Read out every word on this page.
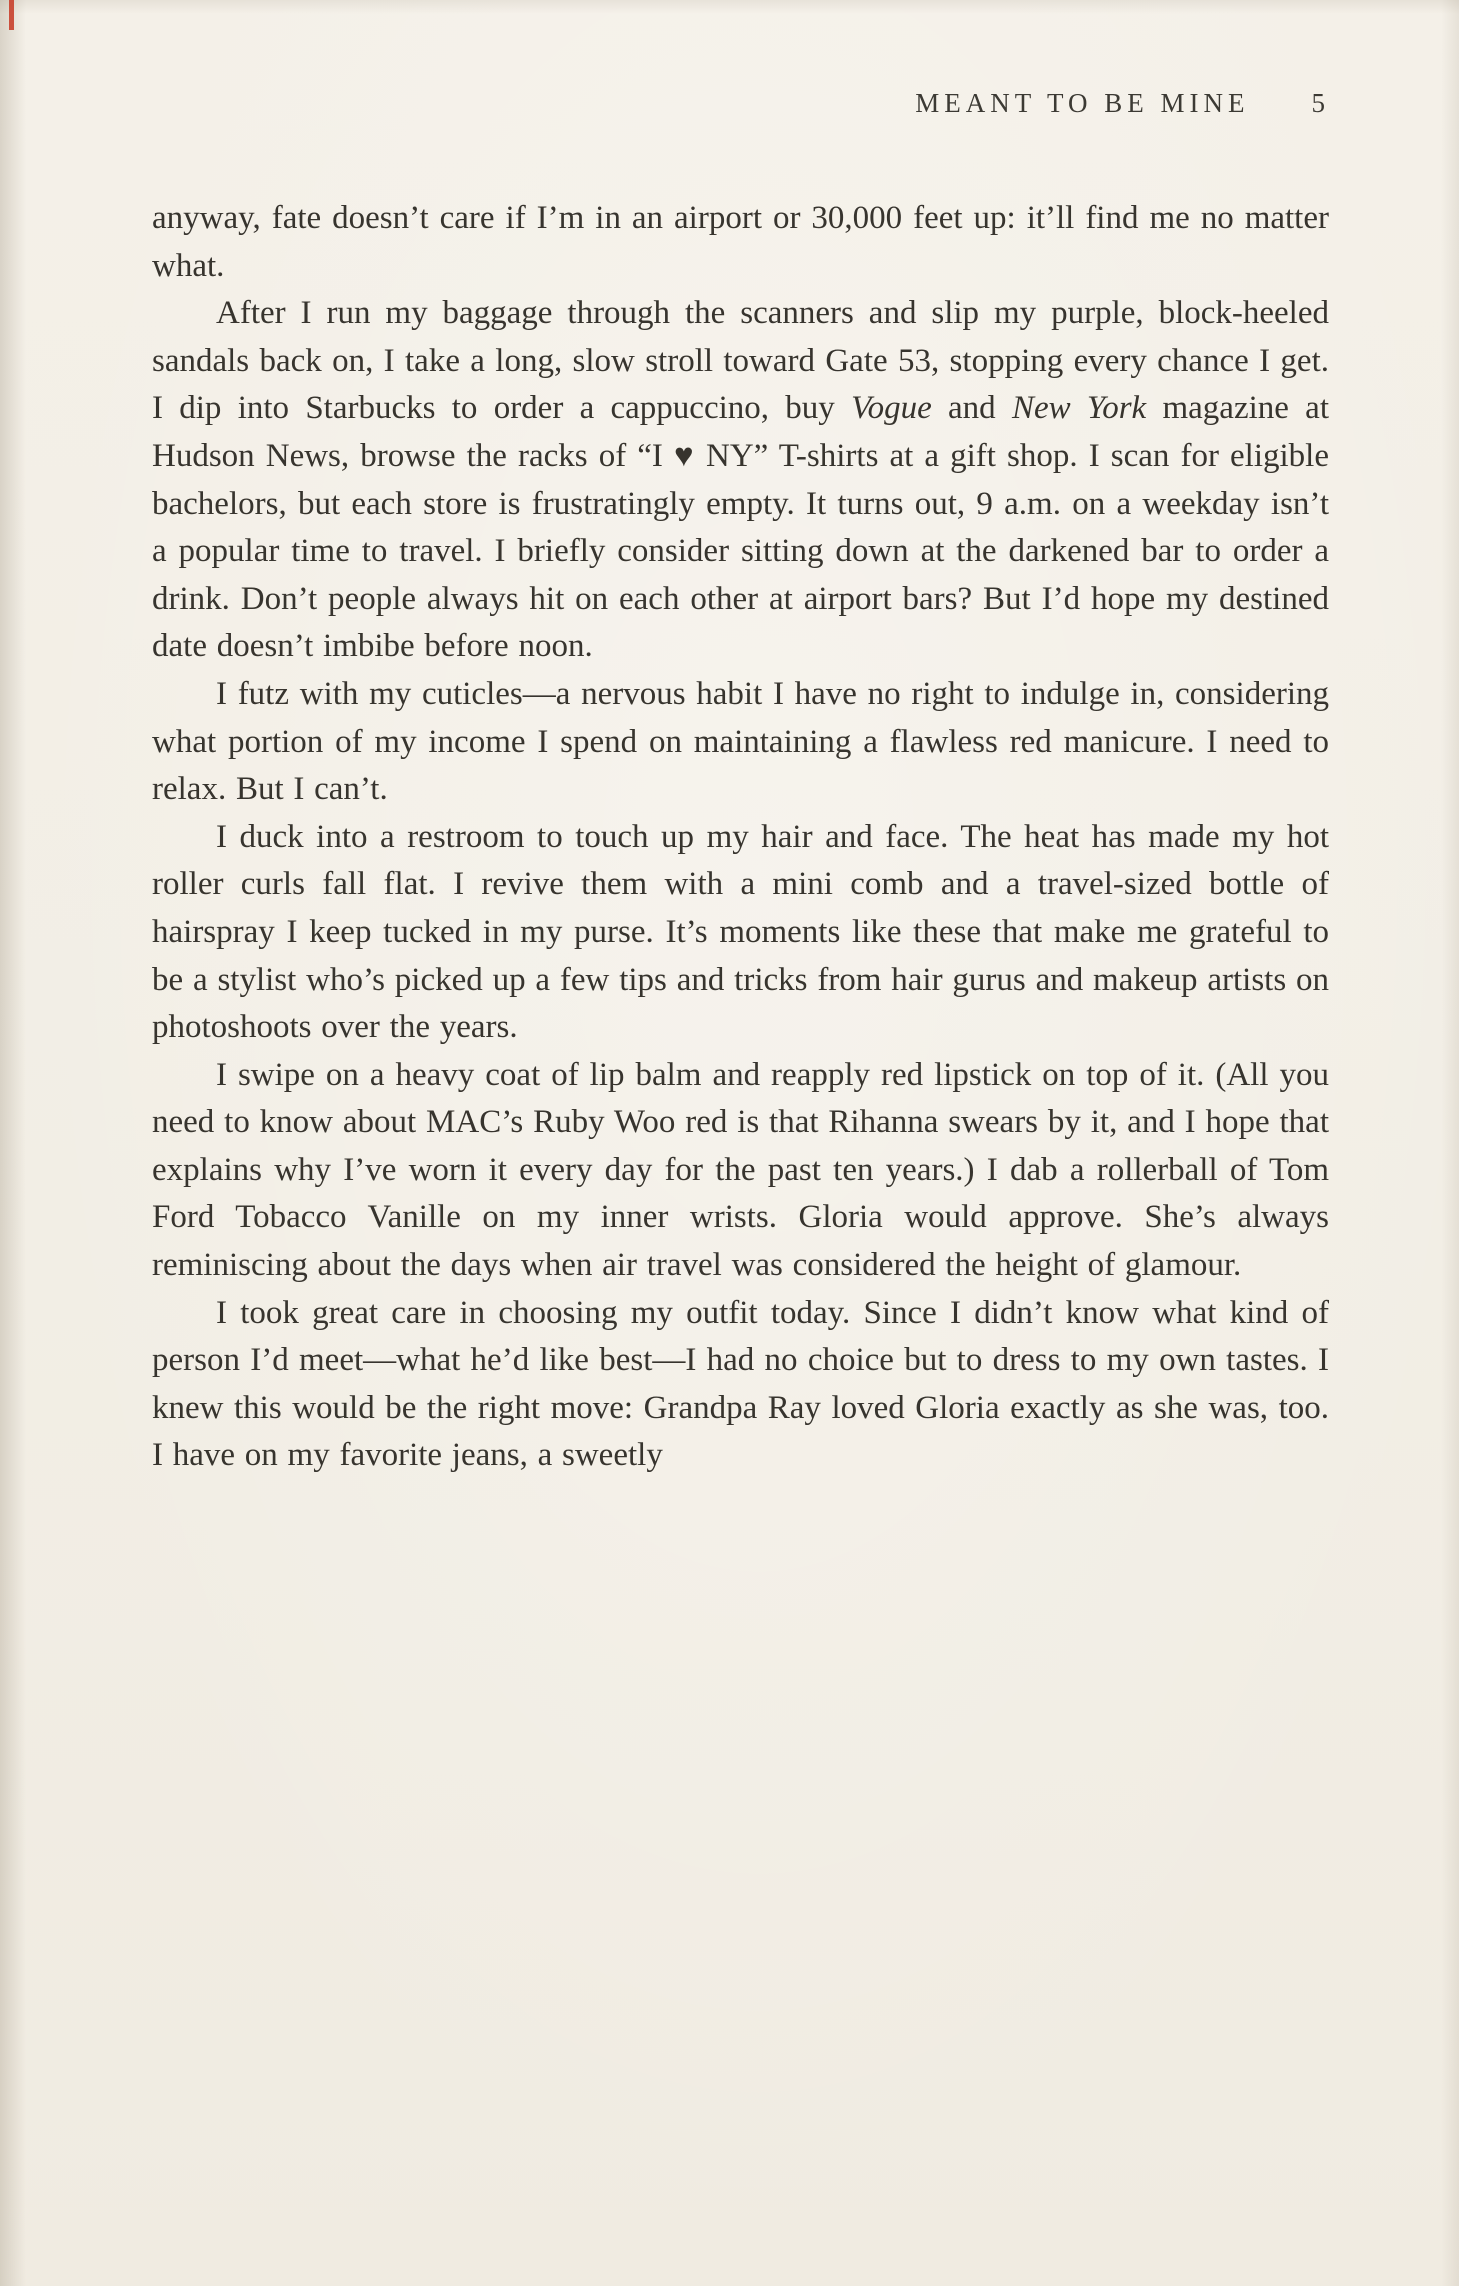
MEANT TO BE MINE 5

anyway, fate doesn’t care if I’m in an airport or 30,000 feet up: it’ll find me no matter what.

After I run my baggage through the scanners and slip my purple, block-heeled sandals back on, I take a long, slow stroll toward Gate 53, stopping every chance I get. I dip into Starbucks to order a cappuccino, buy Vogue and New York magazine at Hudson News, browse the racks of “I ♥ NY” T-shirts at a gift shop. I scan for eligible bachelors, but each store is frustratingly empty. It turns out, 9 a.m. on a weekday isn’t a popular time to travel. I briefly consider sitting down at the darkened bar to order a drink. Don’t people always hit on each other at airport bars? But I’d hope my destined date doesn’t imbibe before noon.

I futz with my cuticles—a nervous habit I have no right to indulge in, considering what portion of my income I spend on maintaining a flawless red manicure. I need to relax. But I can’t.

I duck into a restroom to touch up my hair and face. The heat has made my hot roller curls fall flat. I revive them with a mini comb and a travel-sized bottle of hairspray I keep tucked in my purse. It’s moments like these that make me grateful to be a stylist who’s picked up a few tips and tricks from hair gurus and makeup artists on photoshoots over the years.

I swipe on a heavy coat of lip balm and reapply red lipstick on top of it. (All you need to know about MAC’s Ruby Woo red is that Rihanna swears by it, and I hope that explains why I’ve worn it every day for the past ten years.) I dab a rollerball of Tom Ford Tobacco Vanille on my inner wrists. Gloria would approve. She’s always reminiscing about the days when air travel was considered the height of glamour.

I took great care in choosing my outfit today. Since I didn’t know what kind of person I’d meet—what he’d like best—I had no choice but to dress to my own tastes. I knew this would be the right move: Grandpa Ray loved Gloria exactly as she was, too. I have on my favorite jeans, a sweetly
